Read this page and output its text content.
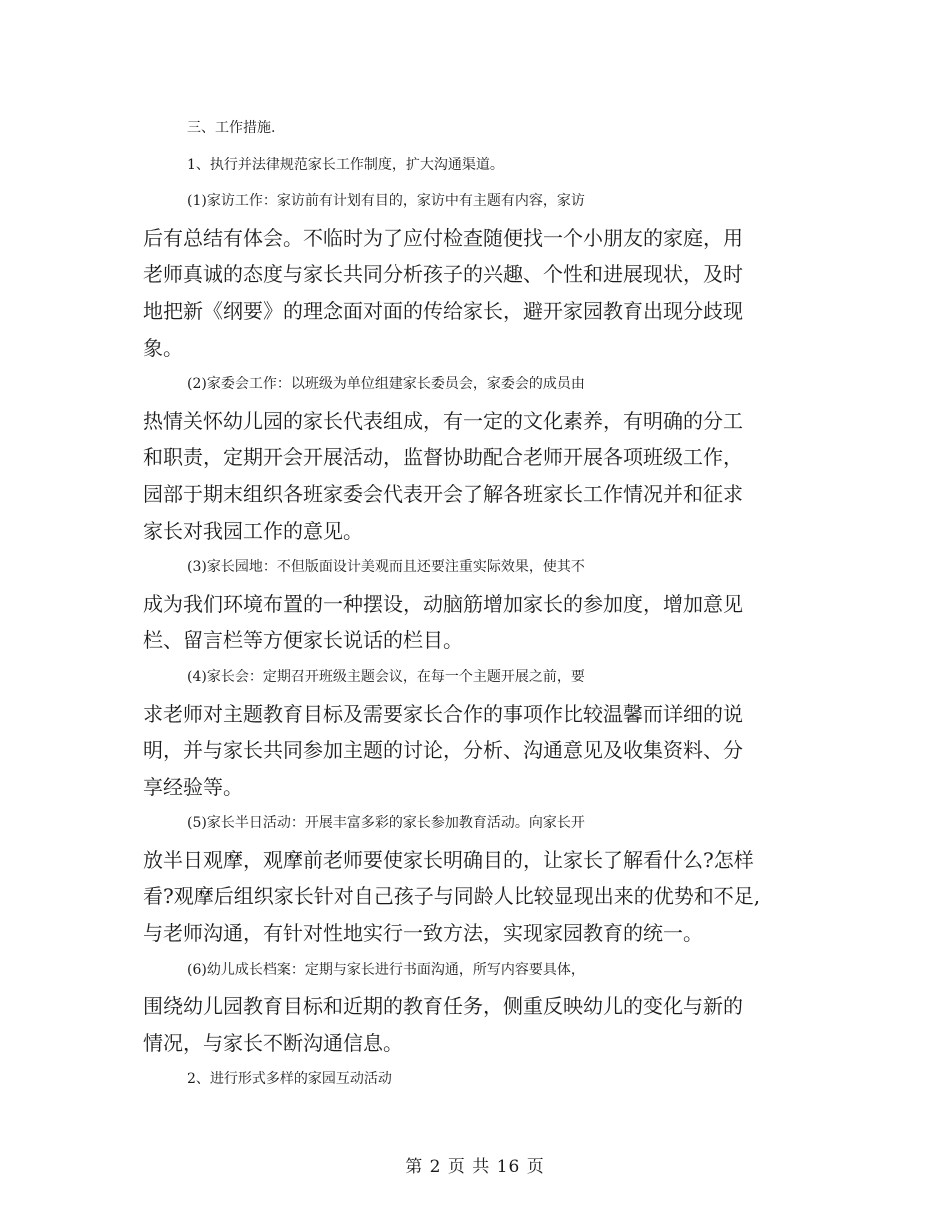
三、工作措施.

1、执行并法律规范家长工作制度，扩大沟通渠道。

(1)家访工作：家访前有计划有目的，家访中有主题有内容，家访

后有总结有体会。不临时为了应付检查随便找一个小朋友的家庭，用

老师真诚的态度与家长共同分析孩子的兴趣、个性和进展现状，及时

地把新《纲要》的理念面对面的传给家长，避开家园教育出现分歧现

象。

(2)家委会工作：以班级为单位组建家长委员会，家委会的成员由

热情关怀幼儿园的家长代表组成，有一定的文化素养，有明确的分工

和职责，定期开会开展活动，监督协助配合老师开展各项班级工作，

园部于期末组织各班家委会代表开会了解各班家长工作情况并和征求

家长对我园工作的意见。

(3)家长园地：不但版面设计美观而且还要注重实际效果，使其不

成为我们环境布置的一种摆设，动脑筋增加家长的参加度，增加意见

栏、留言栏等方便家长说话的栏目。

(4)家长会：定期召开班级主题会议，在每一个主题开展之前，要

求老师对主题教育目标及需要家长合作的事项作比较温馨而详细的说

明，并与家长共同参加主题的讨论，分析、沟通意见及收集资料、分

享经验等。

(5)家长半日活动：开展丰富多彩的家长参加教育活动。向家长开

放半日观摩，观摩前老师要使家长明确目的，让家长了解看什么?怎样

看?观摩后组织家长针对自己孩子与同龄人比较显现出来的优势和不足,

与老师沟通，有针对性地实行一致方法，实现家园教育的统一。

(6)幼儿成长档案：定期与家长进行书面沟通，所写内容要具体，

围绕幼儿园教育目标和近期的教育任务，侧重反映幼儿的变化与新的

情况，与家长不断沟通信息。

2、进行形式多样的家园互动活动

第 2 页 共 16 页
